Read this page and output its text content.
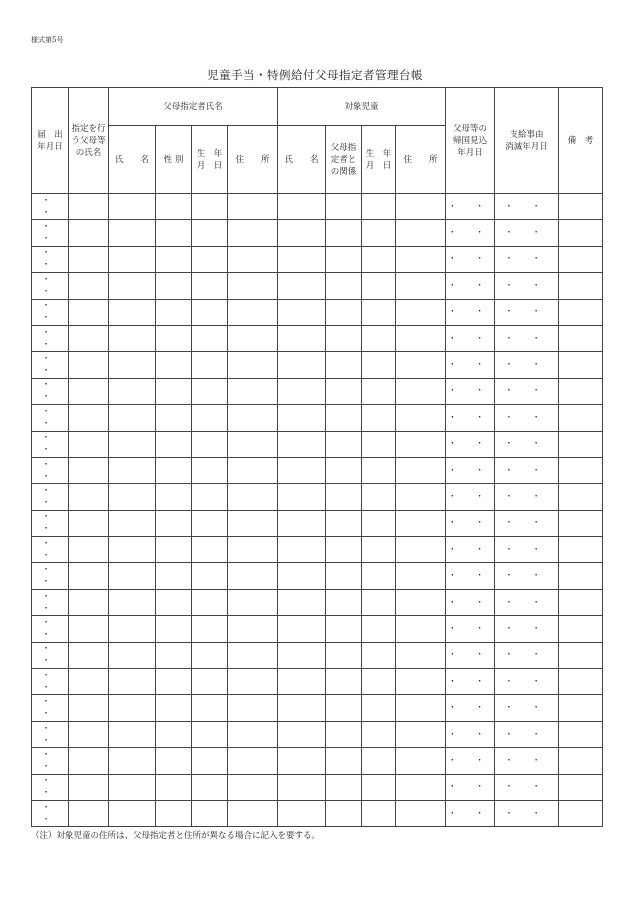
様式第5号
児童手当・特例給付父母指定者管理台帳
届　出
年月日	指定を行
う父母等
の氏名	父母指定者氏名				対象児童				父母等の
帰国見込
年月日	支給事由
消滅年月日	備　考
		氏　　名	性 別	生　年
月　日	住　　所	氏　　名	父母指
定者と
の関係	生　年
月　日	住　　所			
・ ・										・ ・	・ ・	
・ ・										・ ・	・ ・	
・ ・										・ ・	・ ・	
・ ・										・ ・	・ ・	
・ ・										・ ・	・ ・	
・ ・										・ ・	・ ・	
・ ・										・ ・	・ ・	
・ ・										・ ・	・ ・	
・ ・										・ ・	・ ・	
・ ・										・ ・	・ ・	
・ ・										・ ・	・ ・	
・ ・										・ ・	・ ・	
・ ・										・ ・	・ ・	
・ ・										・ ・	・ ・	
・ ・										・ ・	・ ・	
・ ・										・ ・	・ ・	
・ ・										・ ・	・ ・	
・ ・										・ ・	・ ・	
・ ・										・ ・	・ ・	
・ ・										・ ・	・ ・	
・ ・										・ ・	・ ・	
・ ・										・ ・	・ ・	
・ ・										・ ・	・ ・	
・ ・										・ ・	・ ・	
（注）対象児童の住所は、父母指定者と住所が異なる場合に記入を要する。
